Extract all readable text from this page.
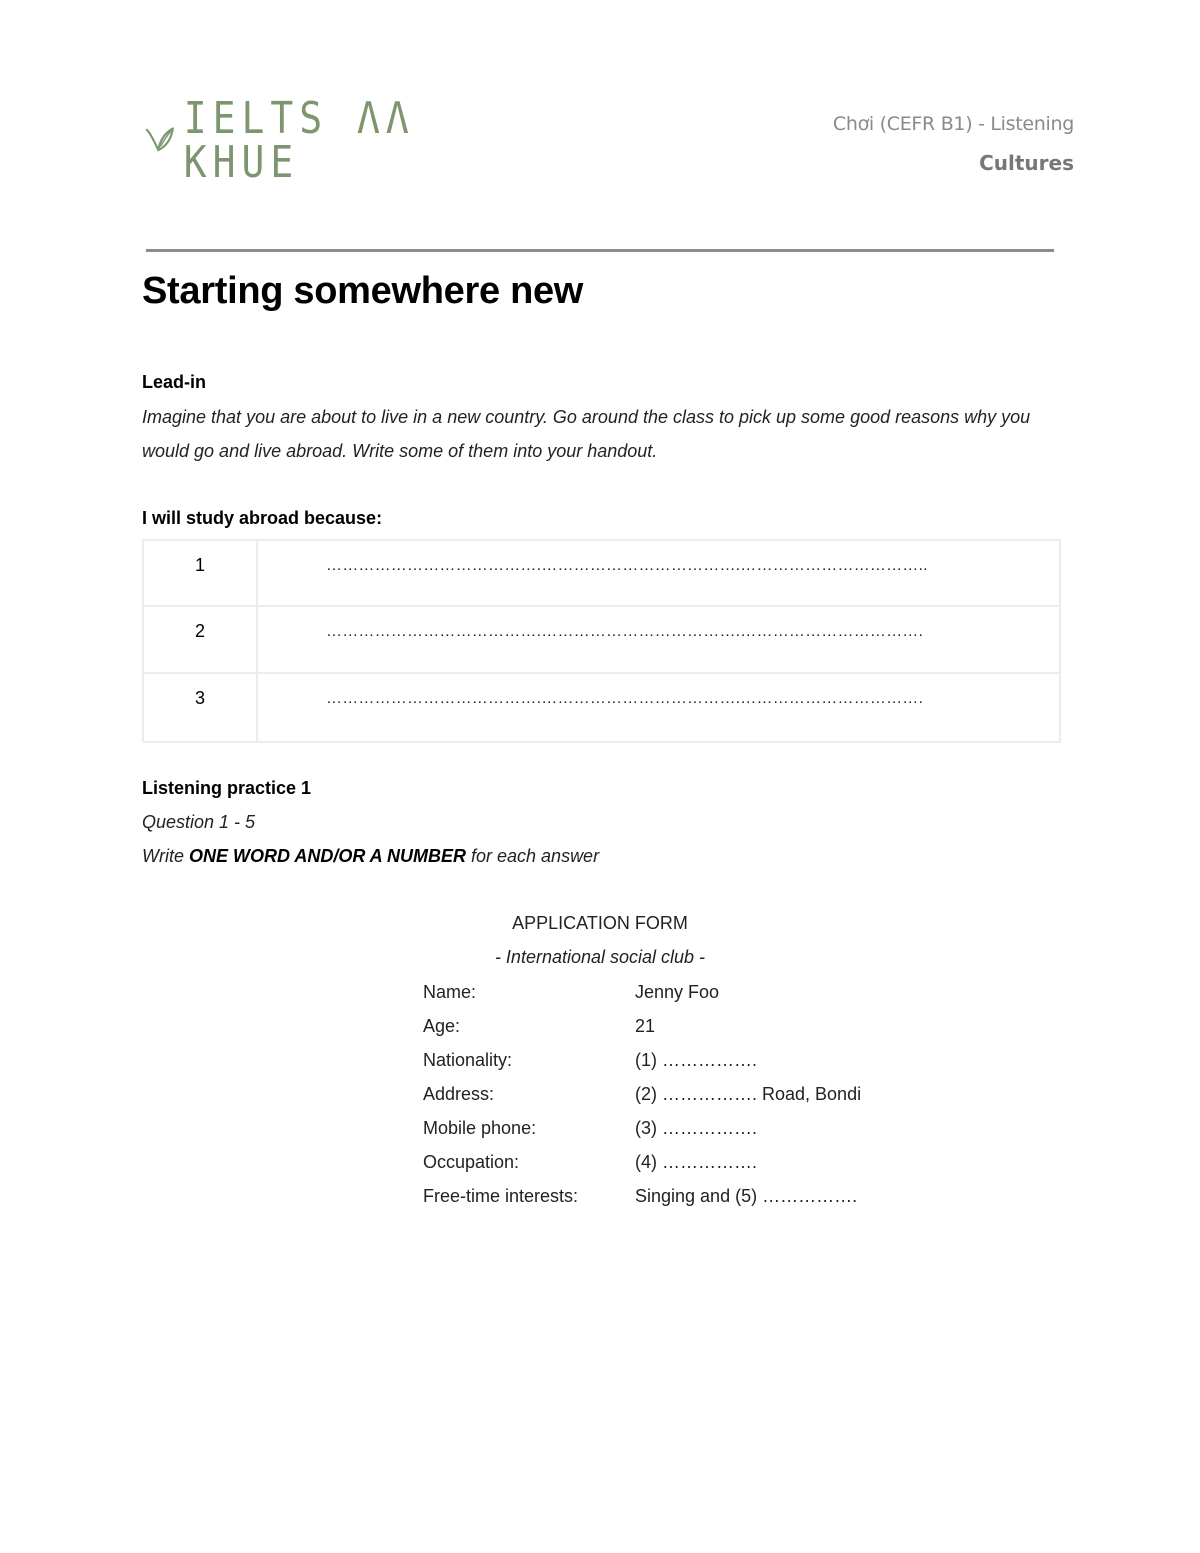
IELTS ΛΛ KHUE
Chơi (CEFR B1) - Listening
Cultures
Starting somewhere new

Lead-in

Imagine that you are about to live in a new country. Go around the class to pick up some good reasons why you would go and live abroad. Write some of them into your handout.

I will study abroad because:

1	………………………………….……………………………….……………………………..
2	………………………………….……………………………….…………………………….
3	………………………………….……………………………….…………………………….

Listening practice 1

Question 1 - 5

Write ONE WORD AND/OR A NUMBER for each answer

APPLICATION FORM

- International social club -

Name:	Jenny Foo
Age:	21
Nationality:	(1) …………….
Address:	(2) ……………. Road, Bondi
Mobile phone:	(3) …………….
Occupation:	(4) …………….
Free-time interests:	Singing and (5) …………….
